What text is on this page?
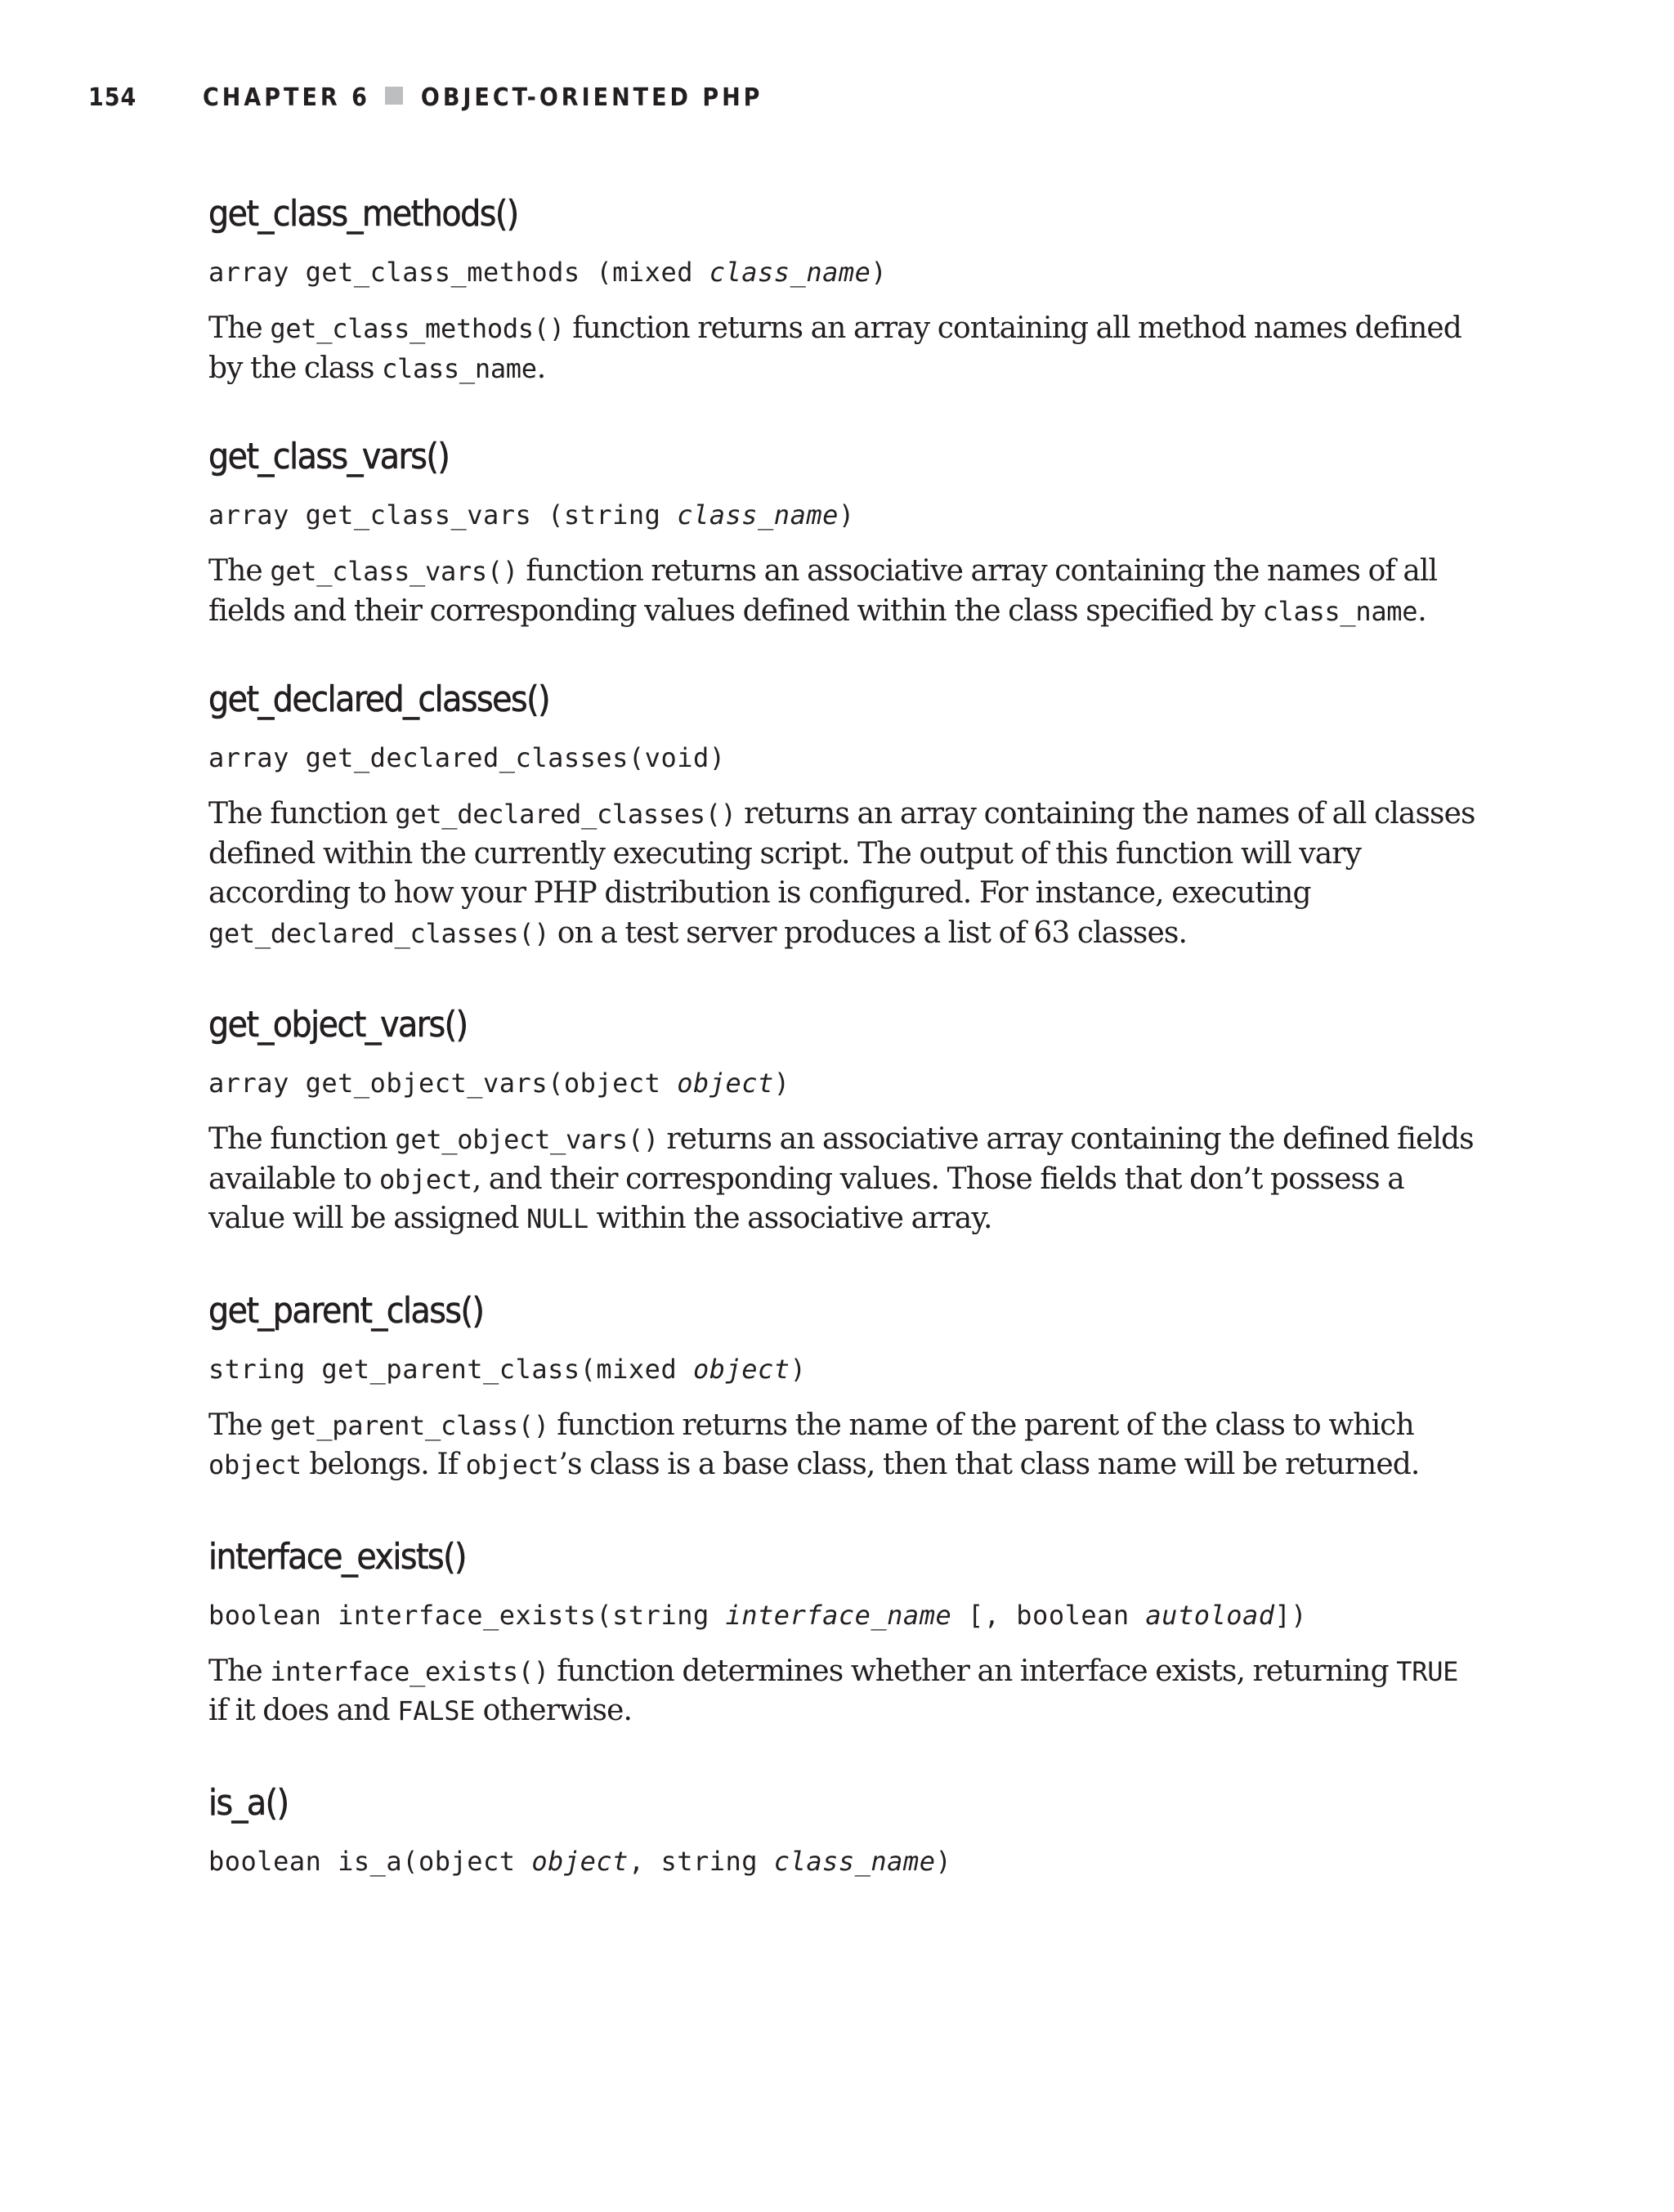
154	CHAPTER 6 OBJECT-ORIENTED PHP
get_class_methods()
array get_class_methods (mixed class_name)

The get_class_methods() function returns an array containing all method names defined by the class class_name.

get_class_vars()
array get_class_vars (string class_name)

The get_class_vars() function returns an associative array containing the names of all fields and their corresponding values defined within the class specified by class_name.

get_declared_classes()
array get_declared_classes(void)

The function get_declared_classes() returns an array containing the names of all classes defined within the currently executing script. The output of this function will vary according to how your PHP distribution is configured. For instance, executing get_declared_classes() on a test server produces a list of 63 classes.

get_object_vars()
array get_object_vars(object object)

The function get_object_vars() returns an associative array containing the defined fields available to object, and their corresponding values. Those fields that don’t possess a value will be assigned NULL within the associative array.

get_parent_class()
string get_parent_class(mixed object)

The get_parent_class() function returns the name of the parent of the class to which object belongs. If object’s class is a base class, then that class name will be returned.

interface_exists()
boolean interface_exists(string interface_name [, boolean autoload])

The interface_exists() function determines whether an interface exists, returning TRUE if it does and FALSE otherwise.

is_a()
boolean is_a(object object, string class_name)
